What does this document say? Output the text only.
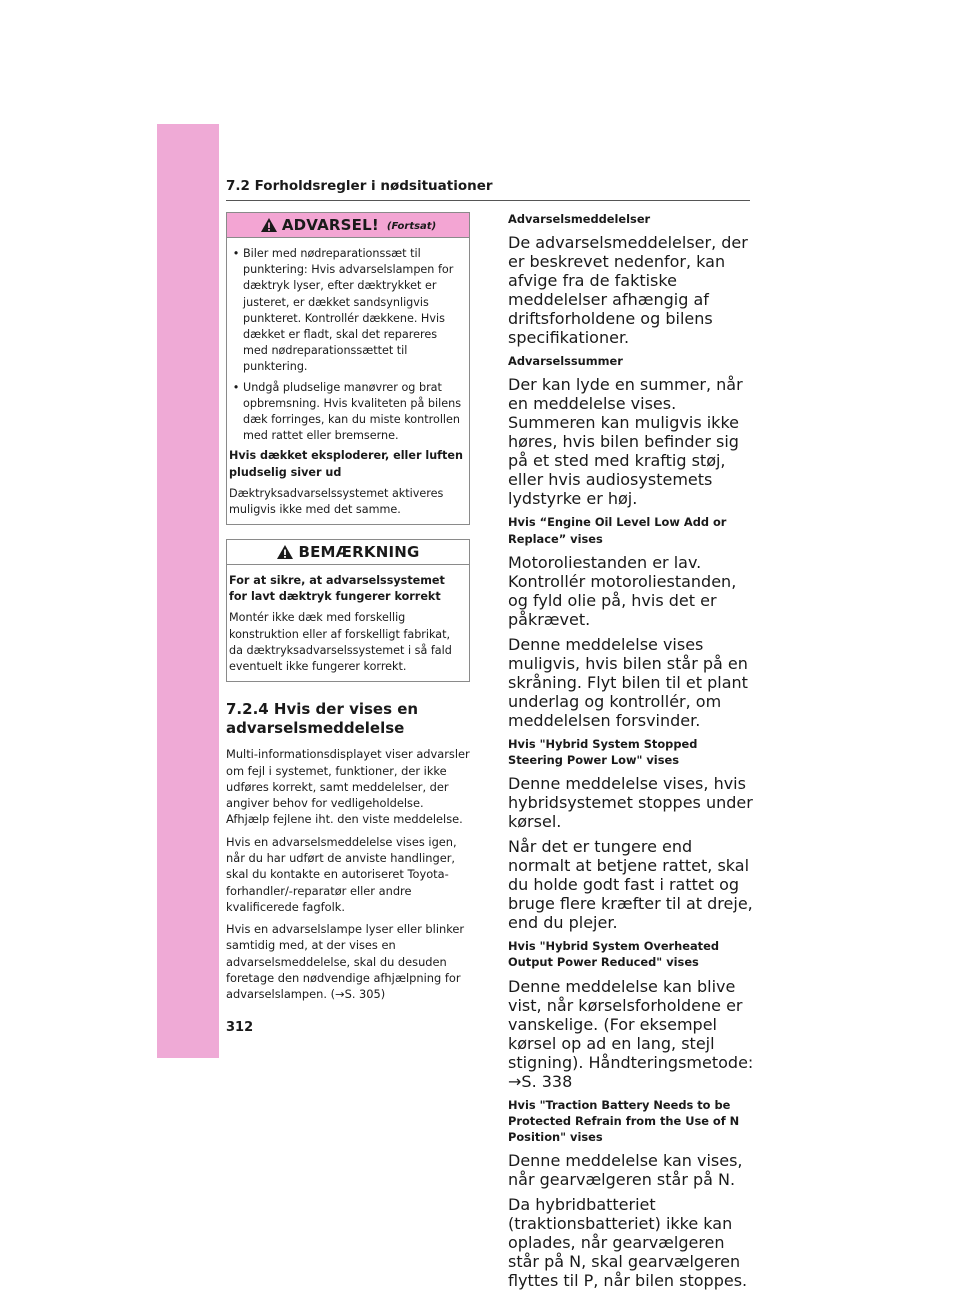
7.2 Forholdsregler i nødsituationer
ADVARSEL! (Fortsat)
• Biler med nødreparationssæt til punktering: Hvis advarselslampen for dæktryk lyser, efter dæktrykket er justeret, er dækket sandsynligvis punkteret. Kontrollér dækkene. Hvis dækket er fladt, skal det repareres med nødreparationssættet til punktering.
• Undgå pludselige manøvrer og brat opbremsning. Hvis kvaliteten på bilens dæk forringes, kan du miste kontrollen med rattet eller bremserne.

Hvis dækket eksploderer, eller luften pludselig siver ud

Dæktryksadvarselssystemet aktiveres muligvis ikke med det samme.

BEMÆRKNING

For at sikre, at advarselssystemet for lavt dæktryk fungerer korrekt

Montér ikke dæk med forskellig konstruktion eller af forskelligt fabrikat, da dæktryksadvarselssystemet i så fald eventuelt ikke fungerer korrekt.

7.2.4 Hvis der vises en advarselsmeddelelse

Multi-informationsdisplayet viser advarsler om fejl i systemet, funktioner, der ikke udføres korrekt, samt meddelelser, der angiver behov for vedligeholdelse. Afhjælp fejlene iht. den viste meddelelse.

Hvis en advarselsmeddelelse vises igen, når du har udført de anviste handlinger, skal du kontakte en autoriseret Toyota-forhandler/-reparatør eller andre kvalificerede fagfolk.

Hvis en advarselslampe lyser eller blinker samtidig med, at der vises en advarselsmeddelelse, skal du desuden foretage den nødvendige afhjælpning for advarselslampen. (→S. 305)

Advarselsmeddelelser

De advarselsmeddelelser, der er beskrevet nedenfor, kan afvige fra de faktiske meddelelser afhængig af driftsforholdene og bilens specifikationer.

Advarselssummer

Der kan lyde en summer, når en meddelelse vises. Summeren kan muligvis ikke høres, hvis bilen befinder sig på et sted med kraftig støj, eller hvis audiosystemets lydstyrke er høj.

Hvis “Engine Oil Level Low Add or Replace” vises

Motoroliestanden er lav. Kontrollér motoroliestanden, og fyld olie på, hvis det er påkrævet.

Denne meddelelse vises muligvis, hvis bilen står på en skråning. Flyt bilen til et plant underlag og kontrollér, om meddelelsen forsvinder.

Hvis "Hybrid System Stopped Steering Power Low" vises

Denne meddelelse vises, hvis hybridsystemet stoppes under kørsel.

Når det er tungere end normalt at betjene rattet, skal du holde godt fast i rattet og bruge flere kræfter til at dreje, end du plejer.

Hvis "Hybrid System Overheated Output Power Reduced" vises

Denne meddelelse kan blive vist, når kørselsforholdene er vanskelige. (For eksempel kørsel op ad en lang, stejl stigning). Håndteringsmetode: →S. 338

Hvis "Traction Battery Needs to be Protected Refrain from the Use of N Position" vises

Denne meddelelse kan vises, når gearvælgeren står på N.

Da hybridbatteriet (traktionsbatteriet) ikke kan oplades, når gearvælgeren står på N, skal gearvælgeren flyttes til P, når bilen stoppes.

312
